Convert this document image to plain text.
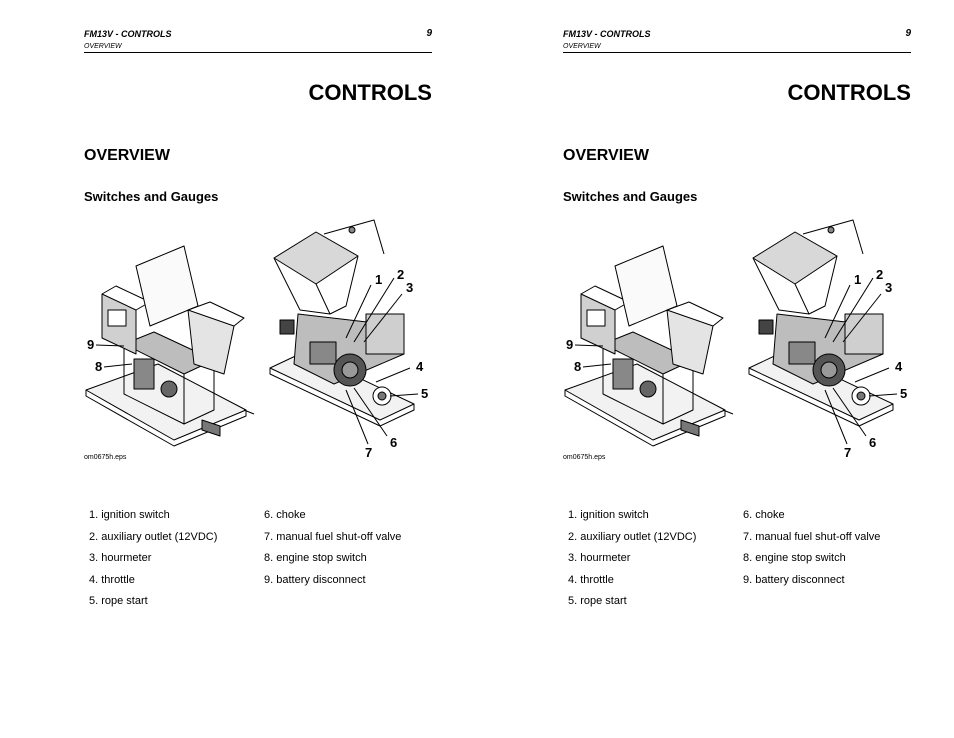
FM13V - CONTROLS	9
OVERVIEW
CONTROLS
OVERVIEW
Switches and Gauges
1 2
3
4
5
6
7
8
9
om0675h.eps
1. ignition switch
2. auxiliary outlet (12VDC)
3. hourmeter
4. throttle
5. rope start
6. choke
7. manual fuel shut-off valve
8. engine stop switch
9. battery disconnect
FM13V - CONTROLS	9
OVERVIEW
CONTROLS
OVERVIEW
Switches and Gauges
1 2
3
4
5
6
7
8
9
om0675h.eps
1. ignition switch
2. auxiliary outlet (12VDC)
3. hourmeter
4. throttle
5. rope start
6. choke
7. manual fuel shut-off valve
8. engine stop switch
9. battery disconnect
